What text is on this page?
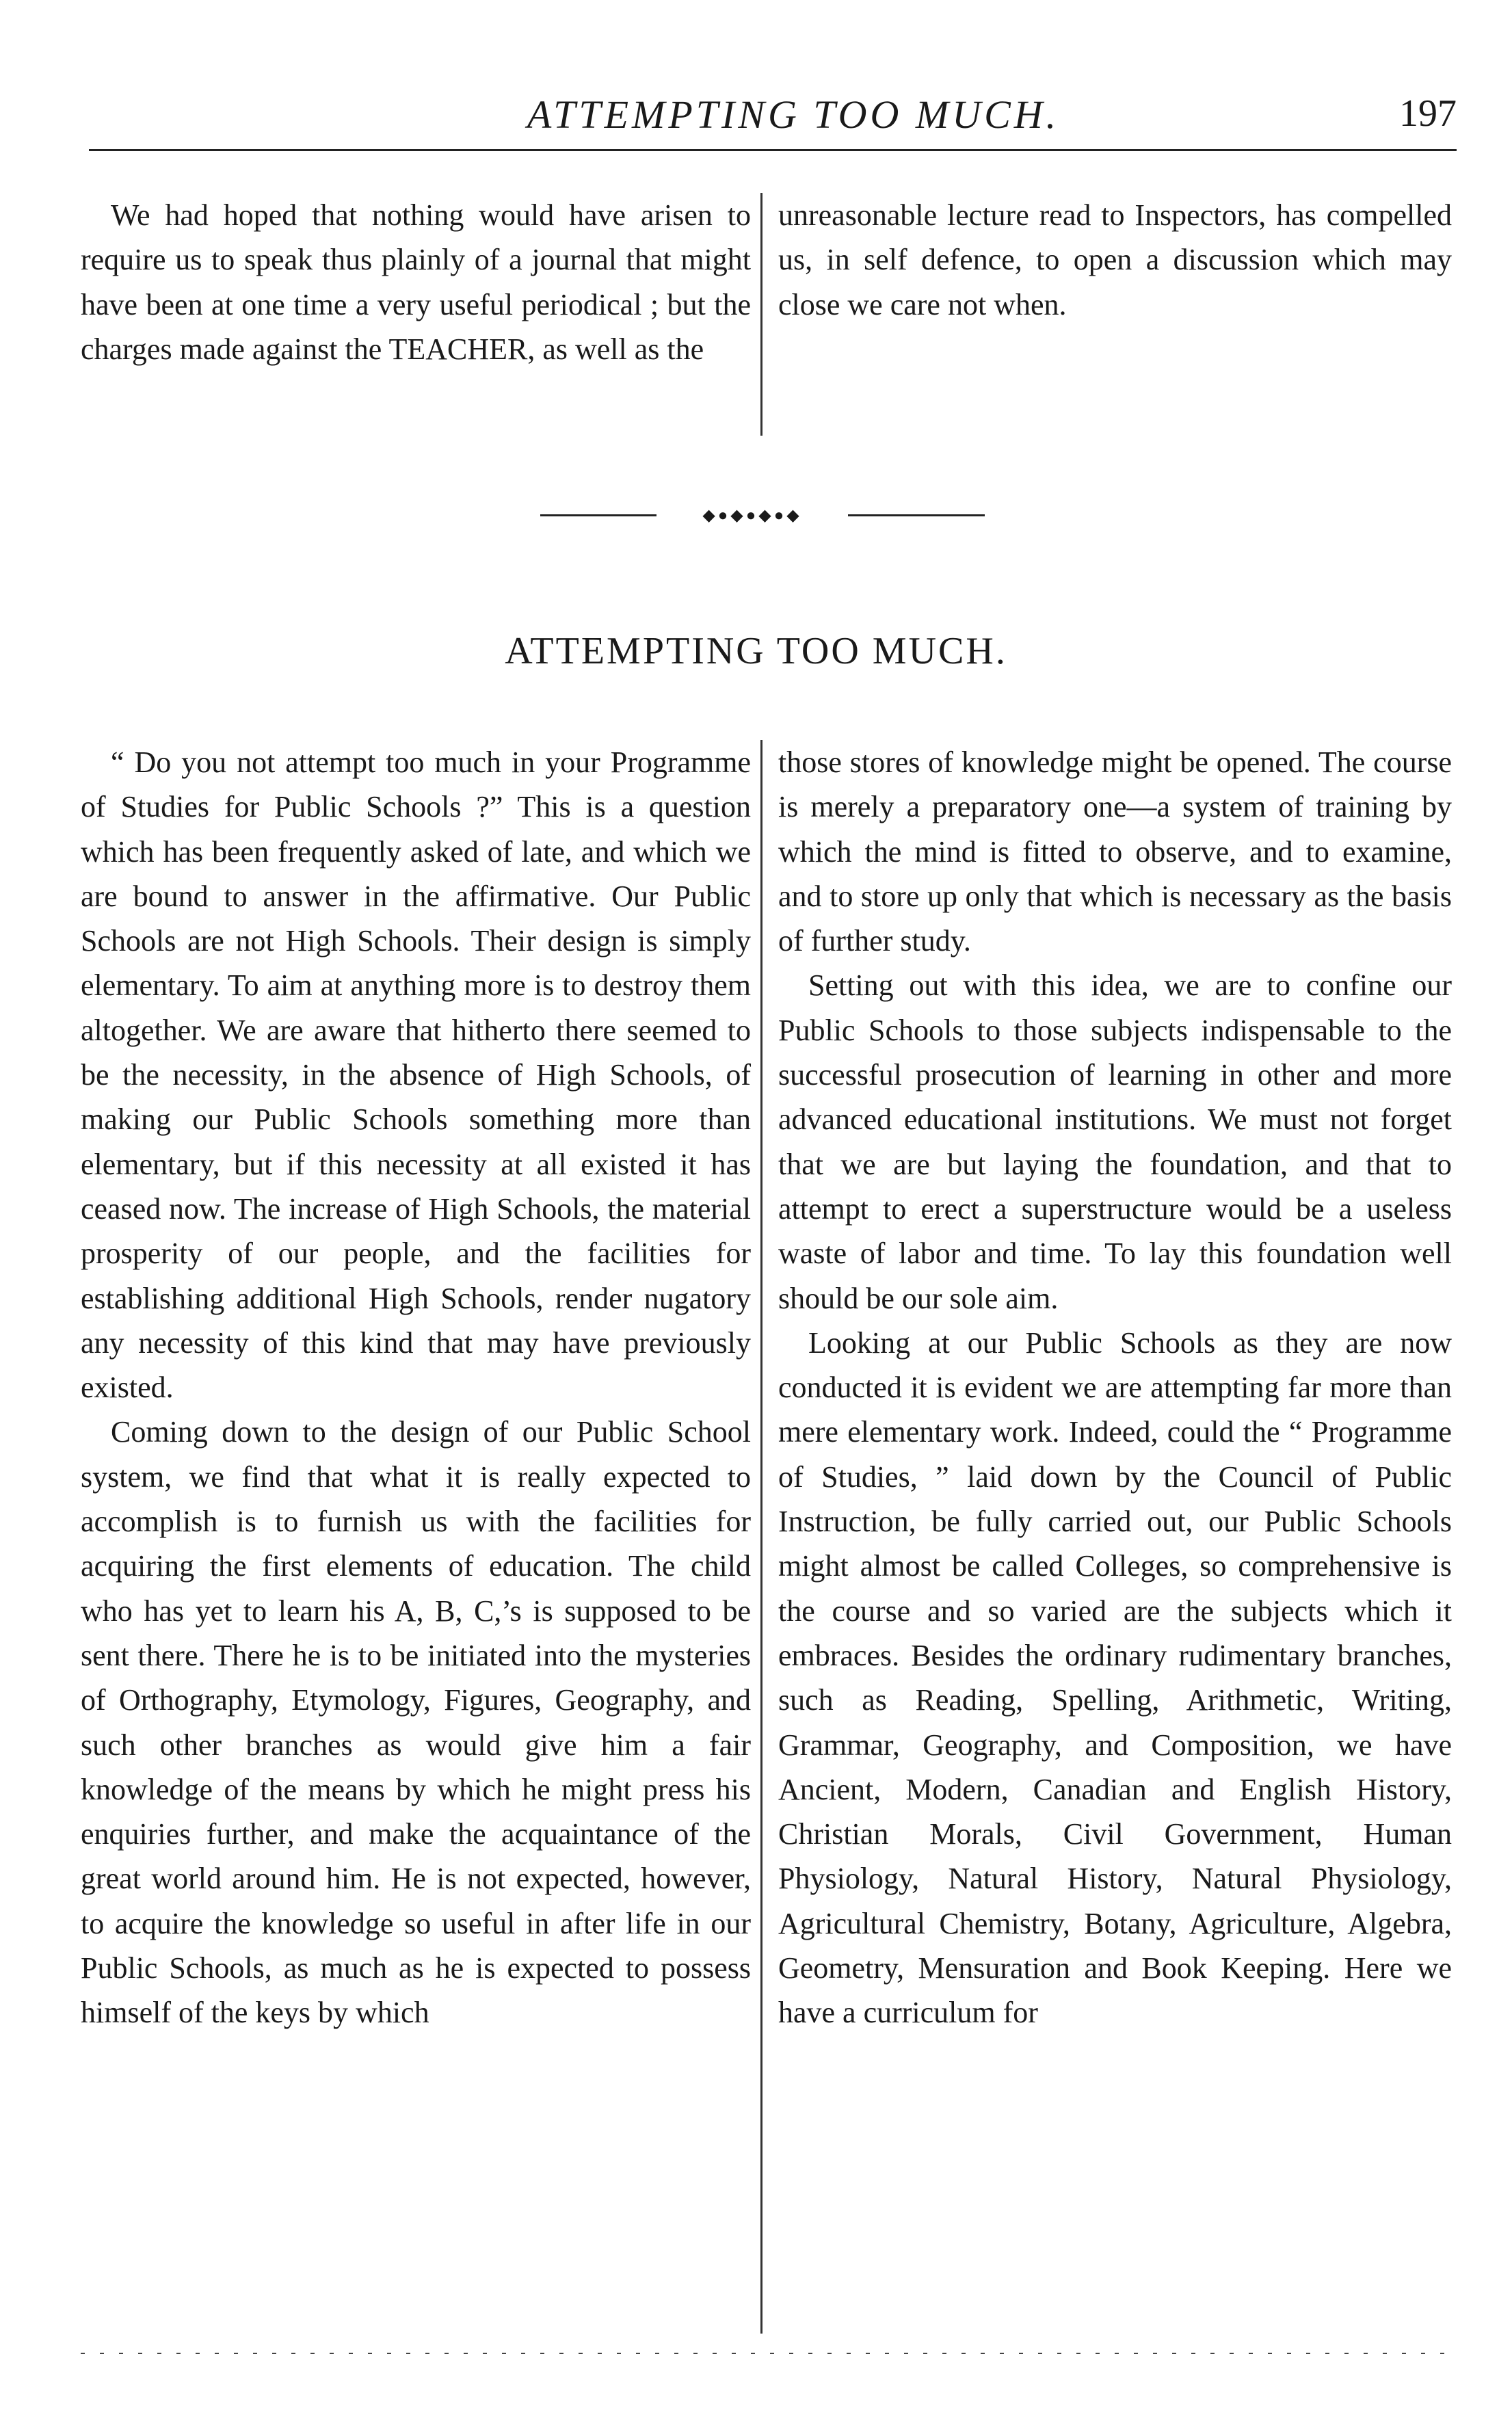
ATTEMPTING TOO MUCH.	197

We had hoped that nothing would have arisen to require us to speak thus plainly of a journal that might have been at one time a very useful periodical ; but the charges made against the TEACHER, as well as the

unreasonable lecture read to Inspectors, has compelled us, in self defence, to open a discussion which may close we care not when.

◆●◆●◆●◆
ATTEMPTING TOO MUCH.

“ Do you not attempt too much in your Programme of Studies for Public Schools ?” This is a question which has been frequently asked of late, and which we are bound to answer in the affirmative. Our Public Schools are not High Schools. Their design is simply elementary. To aim at anything more is to destroy them altogether. We are aware that hitherto there seemed to be the necessity, in the absence of High Schools, of making our Public Schools something more than elementary, but if this necessity at all existed it has ceased now. The increase of High Schools, the material prosperity of our people, and the facilities for establishing additional High Schools, render nugatory any necessity of this kind that may have previously existed.

Coming down to the design of our Public School system, we find that what it is really expected to accomplish is to furnish us with the facilities for acquiring the first elements of education. The child who has yet to learn his A, B, C,’s is supposed to be sent there. There he is to be initiated into the mysteries of Orthography, Etymology, Figures, Geography, and such other branches as would give him a fair knowledge of the means by which he might press his enquiries further, and make the acquaintance of the great world around him. He is not expected, however, to acquire the knowledge so useful in after life in our Public Schools, as much as he is expected to possess himself of the keys by which

those stores of knowledge might be opened. The course is merely a preparatory one—a system of training by which the mind is fitted to observe, and to examine, and to store up only that which is necessary as the basis of further study.

Setting out with this idea, we are to confine our Public Schools to those subjects indispensable to the successful prosecution of learning in other and more advanced educational institutions. We must not forget that we are but laying the foundation, and that to attempt to erect a superstructure would be a useless waste of labor and time. To lay this foundation well should be our sole aim.

Looking at our Public Schools as they are now conducted it is evident we are attempting far more than mere elementary work. Indeed, could the “ Programme of Studies, ” laid down by the Council of Public Instruction, be fully carried out, our Public Schools might almost be called Colleges, so comprehensive is the course and so varied are the subjects which it embraces. Besides the ordinary rudimentary branches, such as Reading, Spelling, Arithmetic, Writing, Grammar, Geography, and Composition, we have Ancient, Modern, Canadian and English History, Christian Morals, Civil Government, Human Physiology, Natural History, Natural Physiology, Agricultural Chemistry, Botany, Agriculture, Algebra, Geometry, Mensuration and Book Keeping. Here we have a curriculum for
